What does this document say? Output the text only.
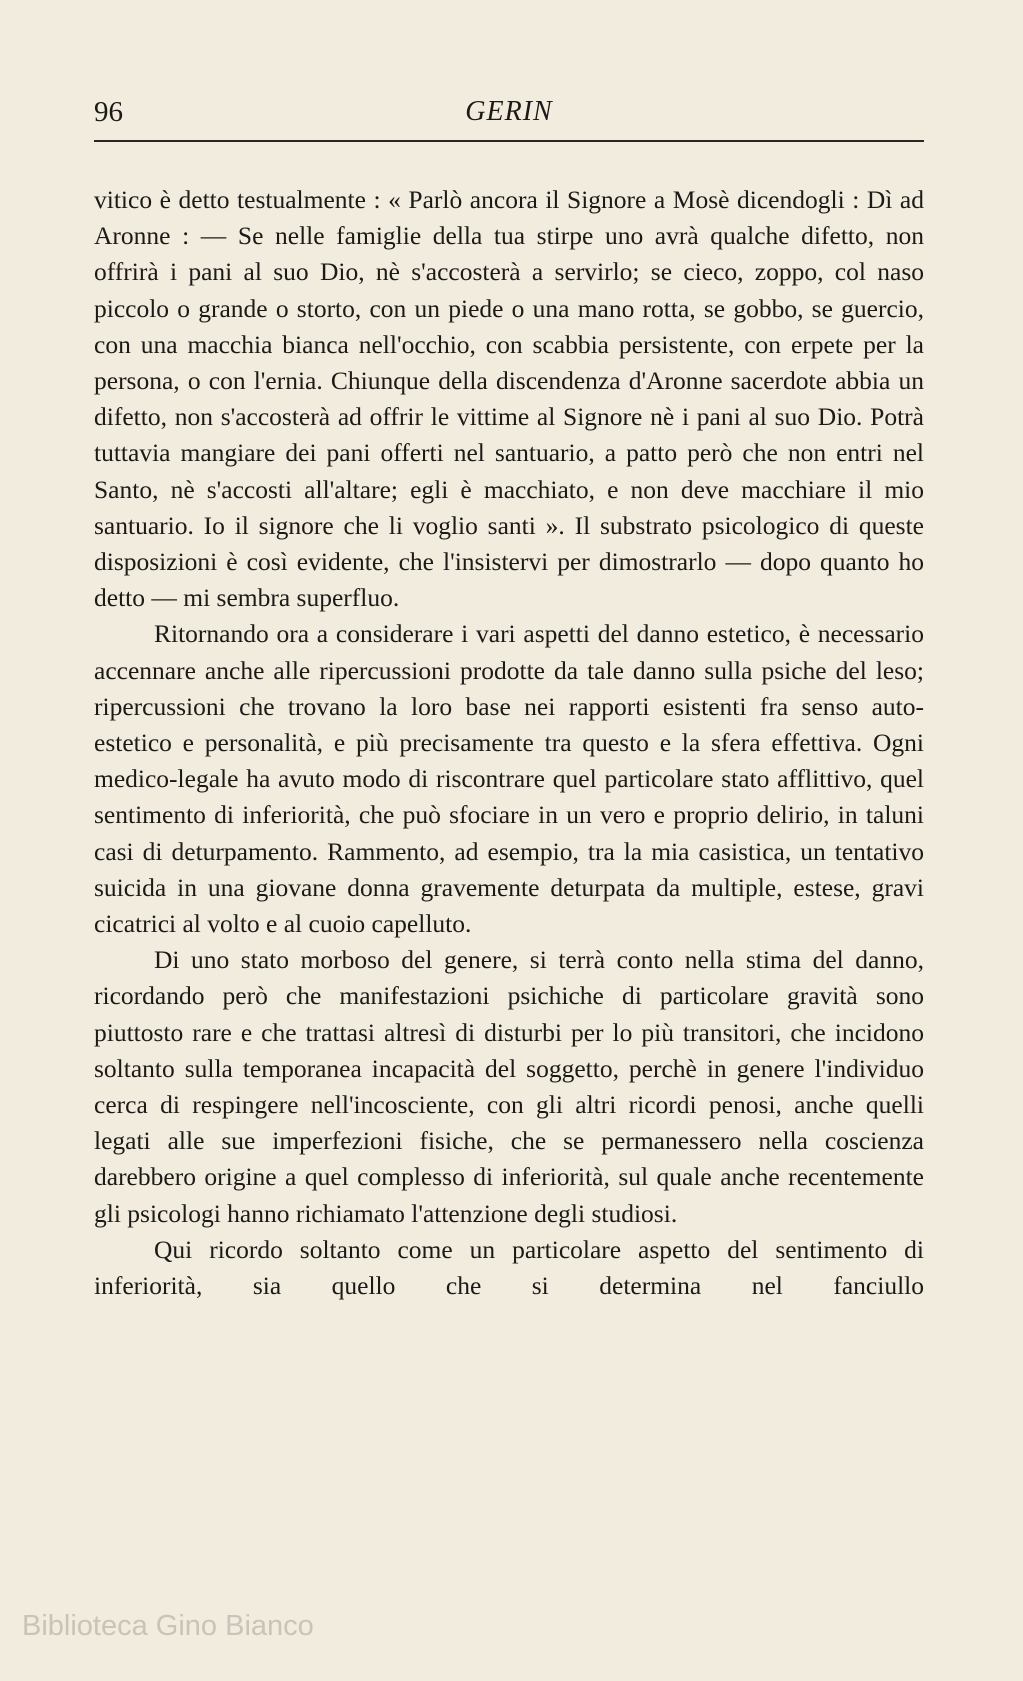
96	GERIN

vitico è detto testualmente : « Parlò ancora il Signore a Mosè dicendogli : Dì ad Aronne : — Se nelle famiglie della tua stirpe uno avrà qualche difetto, non offrirà i pani al suo Dio, nè s'accosterà a servirlo; se cieco, zoppo, col naso piccolo o grande o storto, con un piede o una mano rotta, se gobbo, se guercio, con una macchia bianca nell'occhio, con scabbia persistente, con erpete per la persona, o con l'ernia. Chiunque della discendenza d'Aronne sacerdote abbia un difetto, non s'accosterà ad offrir le vittime al Signore nè i pani al suo Dio. Potrà tuttavia mangiare dei pani offerti nel santuario, a patto però che non entri nel Santo, nè s'accosti all'altare; egli è macchiato, e non deve macchiare il mio santuario. Io il signore che li voglio santi ». Il substrato psicologico di queste disposizioni è così evidente, che l'insistervi per dimostrarlo — dopo quanto ho detto — mi sembra superfluo.

Ritornando ora a considerare i vari aspetti del danno estetico, è necessario accennare anche alle ripercussioni prodotte da tale danno sulla psiche del leso; ripercussioni che trovano la loro base nei rapporti esistenti fra senso auto-estetico e personalità, e più precisamente tra questo e la sfera effettiva. Ogni medico-legale ha avuto modo di riscontrare quel particolare stato afflittivo, quel sentimento di inferiorità, che può sfociare in un vero e proprio delirio, in taluni casi di deturpamento. Rammento, ad esempio, tra la mia casistica, un tentativo suicida in una giovane donna gravemente deturpata da multiple, estese, gravi cicatrici al volto e al cuoio capelluto.

Di uno stato morboso del genere, si terrà conto nella stima del danno, ricordando però che manifestazioni psichiche di particolare gravità sono piuttosto rare e che trattasi altresì di disturbi per lo più transitori, che incidono soltanto sulla temporanea incapacità del soggetto, perchè in genere l'individuo cerca di respingere nell'incosciente, con gli altri ricordi penosi, anche quelli legati alle sue imperfezioni fisiche, che se permanessero nella coscienza darebbero origine a quel complesso di inferiorità, sul quale anche recentemente gli psicologi hanno richiamato l'attenzione degli studiosi.

Qui ricordo soltanto come un particolare aspetto del sentimento di inferiorità, sia quello che si determina nel fanciullo

Biblioteca Gino Bianco
